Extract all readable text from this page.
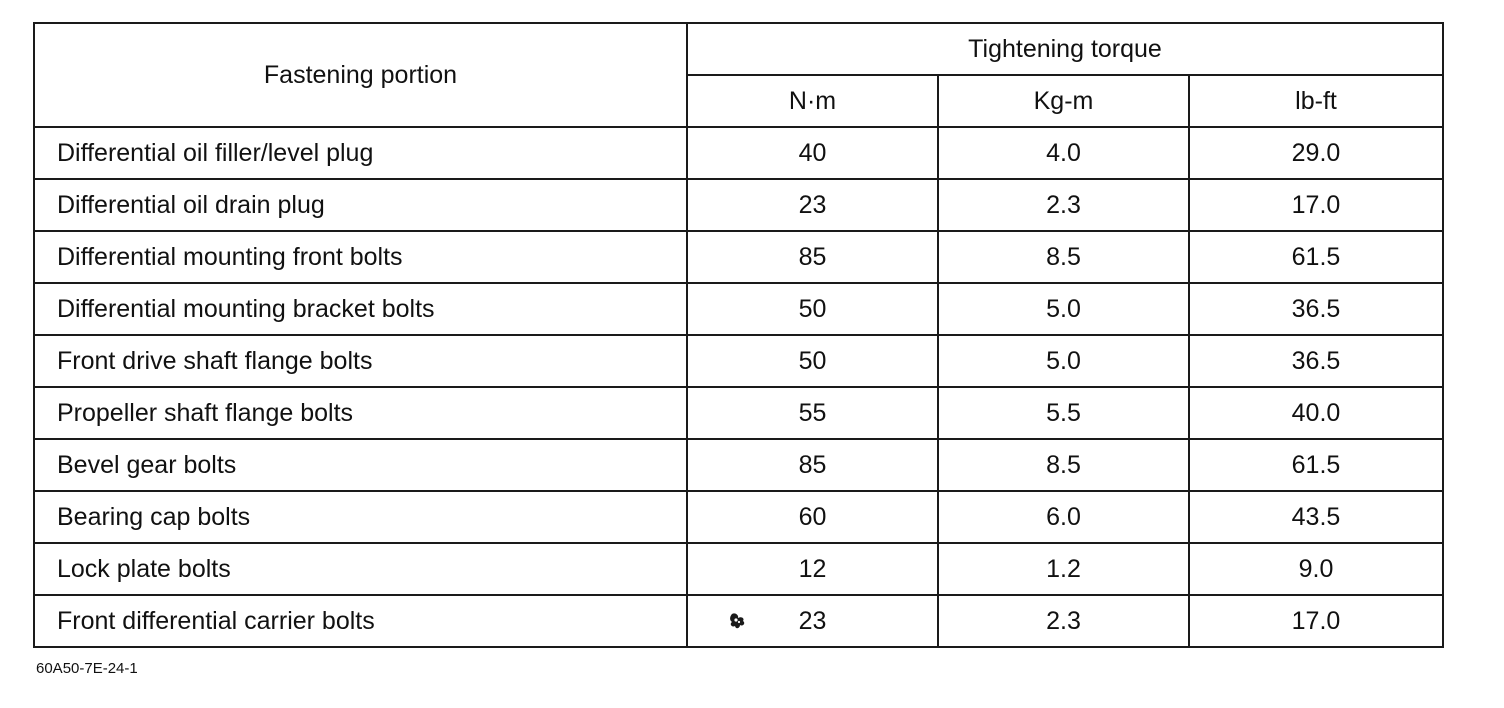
Fastening portion	Tightening torque		
	N·m	Kg-m	lb-ft
Differential oil filler/level plug	40	4.0	29.0
Differential oil drain plug	23	2.3	17.0
Differential mounting front bolts	85	8.5	61.5
Differential mounting bracket bolts	50	5.0	36.5
Front drive shaft flange bolts	50	5.0	36.5
Propeller shaft flange bolts	55	5.5	40.0
Bevel gear bolts	85	8.5	61.5
Bearing cap bolts	60	6.0	43.5
Lock plate bolts	12	1.2	9.0
Front differential carrier bolts	23	2.3	17.0
60A50-7E-24-1
